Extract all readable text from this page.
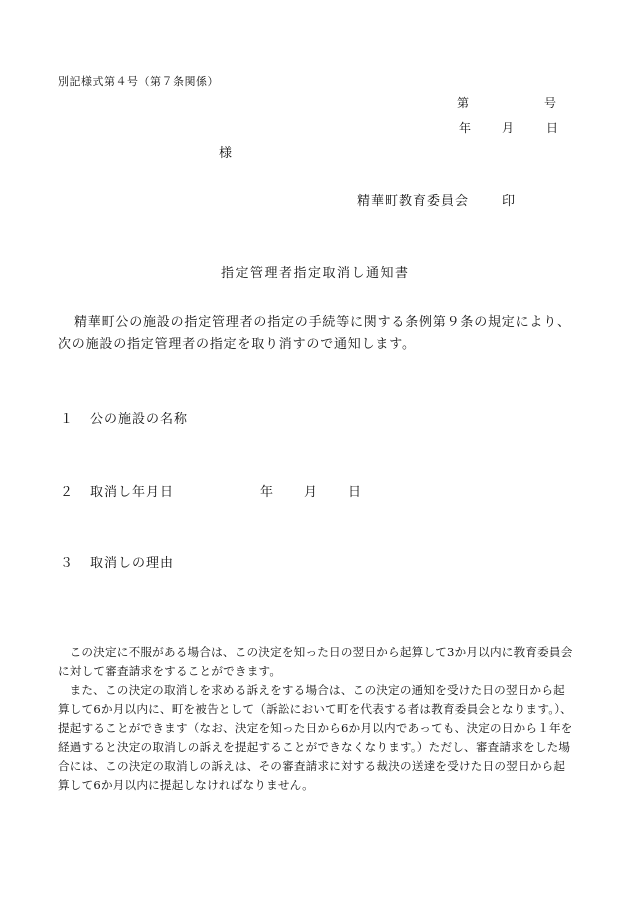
別記様式第４号（第７条関係）
第	号
年	月	日
様
精華町教育委員会	印
指定管理者指定取消し通知書
精華町公の施設の指定管理者の指定の手続等に関する条例第９条の規定により、次の施設の指定管理者の指定を取り消すので通知します。
１ 公の施設の名称
２ 取消し年月日	年 月 日
３ 取消しの理由

この決定に不服がある場合は、この決定を知った日の翌日から起算して3か月以内に教育委員会に対して審査請求をすることができます。

また、この決定の取消しを求める訴えをする場合は、この決定の通知を受けた日の翌日から起算して6か月以内に、町を被告として（訴訟において町を代表する者は教育委員会となります。）、提起することができます（なお、決定を知った日から6か月以内であっても、決定の日から１年を経過すると決定の取消しの訴えを提起することができなくなります。）ただし、審査請求をした場合には、この決定の取消しの訴えは、その審査請求に対する裁決の送達を受けた日の翌日から起算して6か月以内に提起しなければなりません。
